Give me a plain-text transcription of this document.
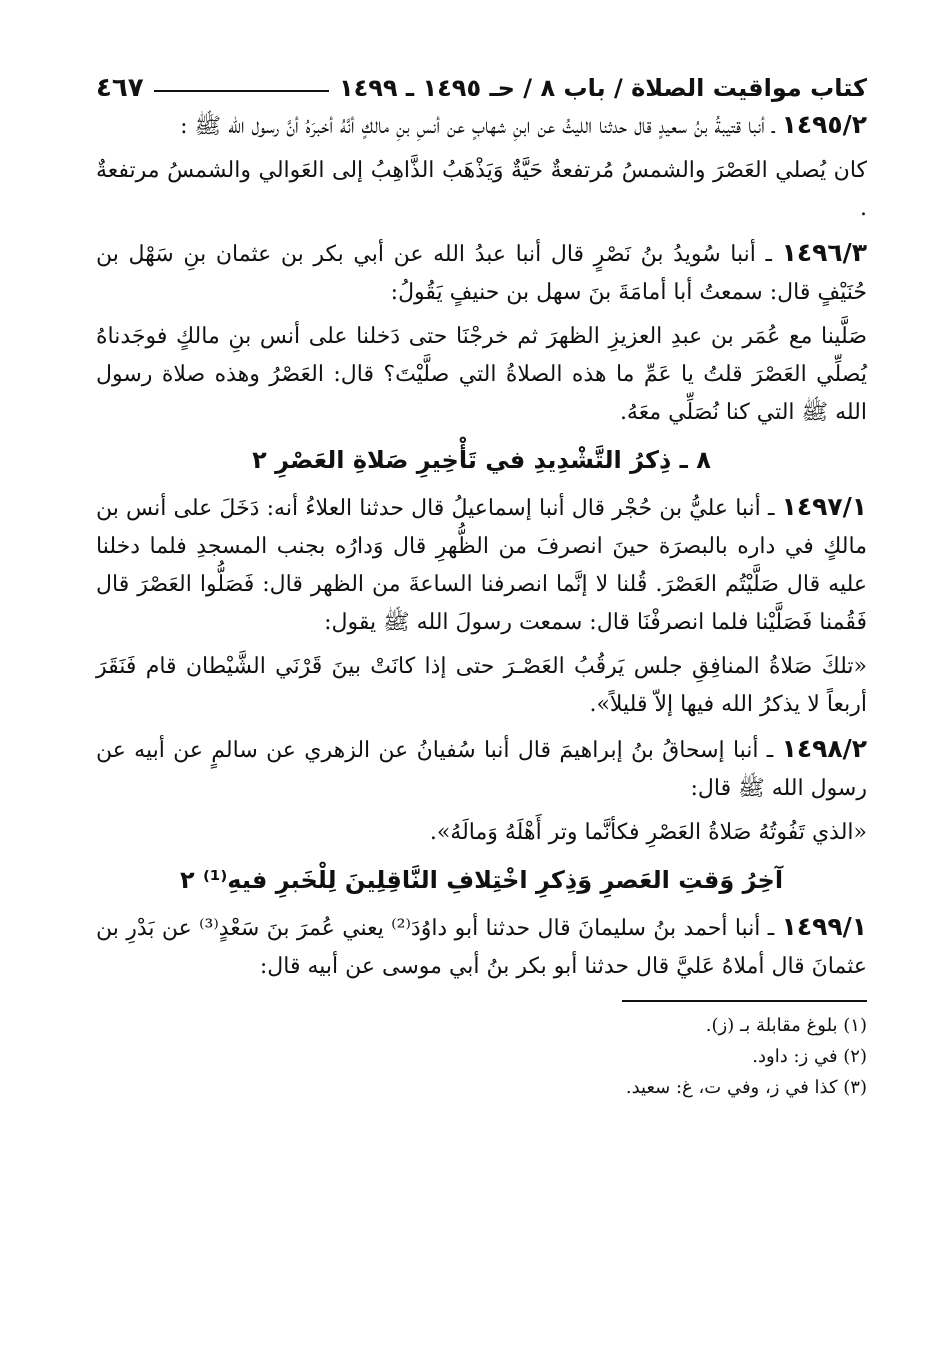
كتاب مواقيت الصلاة / باب ٨ / حـ ١٤٩٥ ـ ١٤٩٩
٤٦٧

١٤٩٥/٢ ـ أنبا قتيبةُ بنُ سعيدٍ قال حدثنا الليثُ عن ابنِ شهابٍ عن أنسِ بنِ مالكٍ أنَّهُ أخبرَهُ أنَّ رسول الله ﷺ :

كان يُصلي العَصْرَ والشمسُ مُرتفعةٌ حَيَّةٌ وَيَذْهَبُ الذَّاهِبُ إلى العَوالي والشمسُ مرتفعةٌ .

١٤٩٦/٣ ـ أنبا سُويدُ بنُ نَصْرٍ قال أنبا عبدُ الله عن أبي بكر بن عثمان بنِ سَهْل بن حُنَيْفٍ قال: سمعتُ أبا أمامَةَ بنَ سهل بن حنيفٍ يَقُولُ:

صَلَّينا مع عُمَر بن عبدِ العزيزِ الظهرَ ثم خرجْنَا حتى دَخلنا على أنس بنِ مالكٍ فوجَدناهُ يُصلِّي العَصْرَ قلتُ يا عَمِّ ما هذه الصلاةُ التي صلَّيْتَ؟ قال: العَصْرُ وهذه صلاة رسول الله ﷺ التي كنا نُصَلِّي معَهُ.

٨ ـ ذِكرُ التَّشْدِيدِ في تَأْخِيرِ صَلاةِ العَصْرِ ٢

١٤٩٧/١ ـ أنبا عليُّ بن حُجْر قال أنبا إسماعيلُ قال حدثنا العلاءُ أنه: دَخَلَ على أنس بن مالكٍ في داره بالبصرَة حينَ انصرفَ من الظُّهرِ قال وَدارُه بجنب المسجدِ فلما دخلنا عليه قال صَلَّيْتُم العَصْرَ. قُلنا لا إنَّما انصرفنا الساعةَ من الظهر قال: فَصَلُّوا العَصْرَ قال فَقُمنا فَصَلَّيْنا فلما انصرفْنَا قال: سمعت رسولَ الله ﷺ يقول:

«تلكَ صَلاةُ المنافِقِ جلس يَرقُبُ العَصْـرَ حتى إذا كانَتْ بينَ قَرْنَي الشَّيْطان قام فَنَقَرَ أربعاً لا يذكرُ الله فيها إلاّ قليلاً».

١٤٩٨/٢ ـ أنبا إسحاقُ بنُ إبراهيمَ قال أنبا سُفيانُ عن الزهري عن سالمٍ عن أبيه عن رسول الله ﷺ قال:

«الذي تَفُوتُهُ صَلاةُ العَصْرِ فكأنَّما وتر أَهْلَهُ وَمالَهُ».

آخِرُ وَقتِ العَصرِ وَذِكرِ اخْتِلافِ النَّاقِلِينَ لِلْخَبرِ فيهِ⁽¹⁾ ٢

١٤٩٩/١ ـ أنبا أحمد بنُ سليمانَ قال حدثنا أبو داوُدَ⁽²⁾ يعني عُمرَ بنَ سَعْدٍ⁽³⁾ عن بَدْرِ بن عثمانَ قال أملاهُ عَليَّ قال حدثنا أبو بكر بنُ أبي موسى عن أبيه قال:

(١) بلوغ مقابلة بـ (ز).
(٢) في ز: داود.
(٣) كذا في ز، وفي ت، غ: سعيد.
